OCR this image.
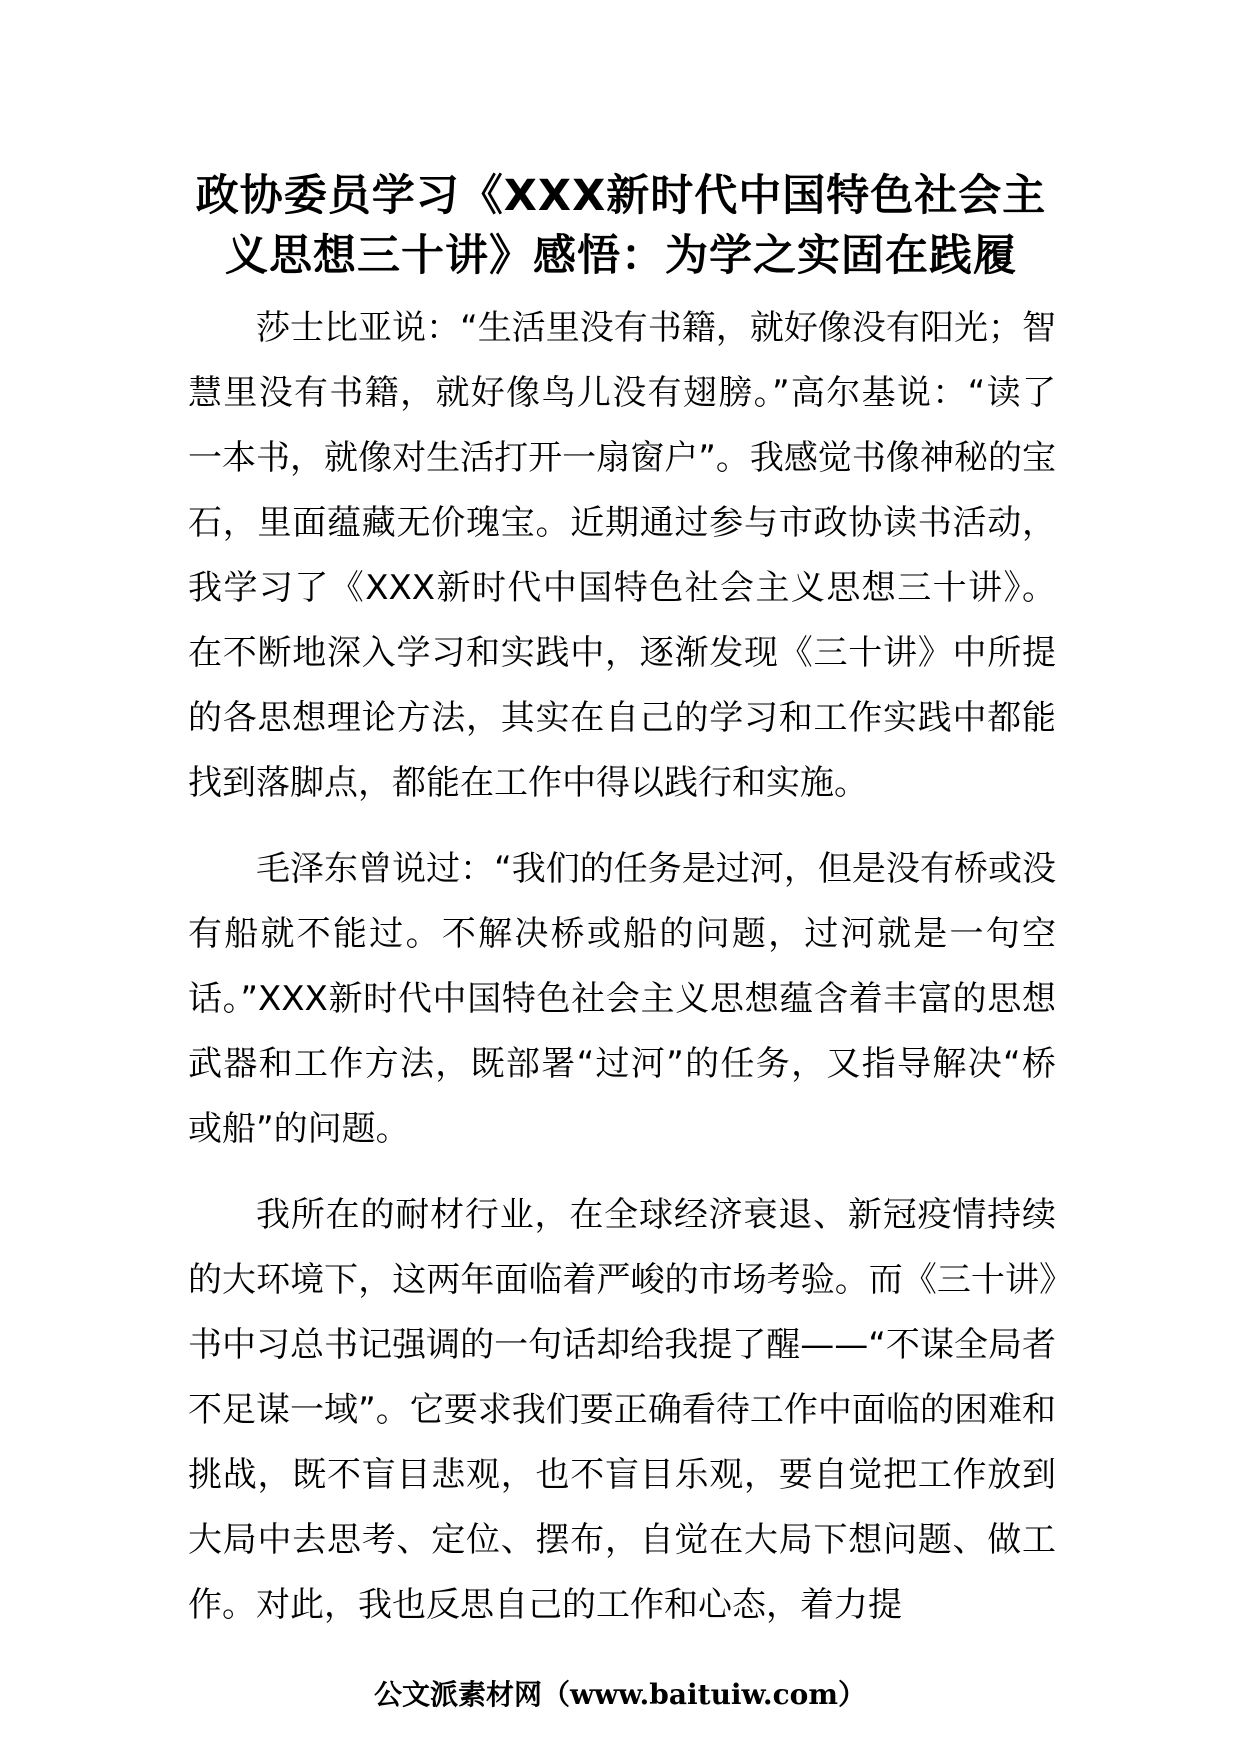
政协委员学习《XXX新时代中国特色社会主
义思想三十讲》感悟：为学之实固在践履

莎士比亚说：“生活里没有书籍，就好像没有阳光；智慧里没有书籍，就好像鸟儿没有翅膀。”高尔基说：“读了一本书，就像对生活打开一扇窗户”。我感觉书像神秘的宝石，里面蕴藏无价瑰宝。近期通过参与市政协读书活动，我学习了《XXX新时代中国特色社会主义思想三十讲》。在不断地深入学习和实践中，逐渐发现《三十讲》中所提的各思想理论方法，其实在自己的学习和工作实践中都能找到落脚点，都能在工作中得以践行和实施。

毛泽东曾说过：“我们的任务是过河，但是没有桥或没有船就不能过。不解决桥或船的问题，过河就是一句空话。”XXX新时代中国特色社会主义思想蕴含着丰富的思想武器和工作方法，既部署“过河”的任务，又指导解决“桥或船”的问题。

我所在的耐材行业，在全球经济衰退、新冠疫情持续的大环境下，这两年面临着严峻的市场考验。而《三十讲》书中习总书记强调的一句话却给我提了醒——“不谋全局者不足谋一域”。它要求我们要正确看待工作中面临的困难和挑战，既不盲目悲观，也不盲目乐观，要自觉把工作放到大局中去思考、定位、摆布，自觉在大局下想问题、做工作。对此，我也反思自己的工作和心态，着力提

公文派素材网（www.baituiw.com）
